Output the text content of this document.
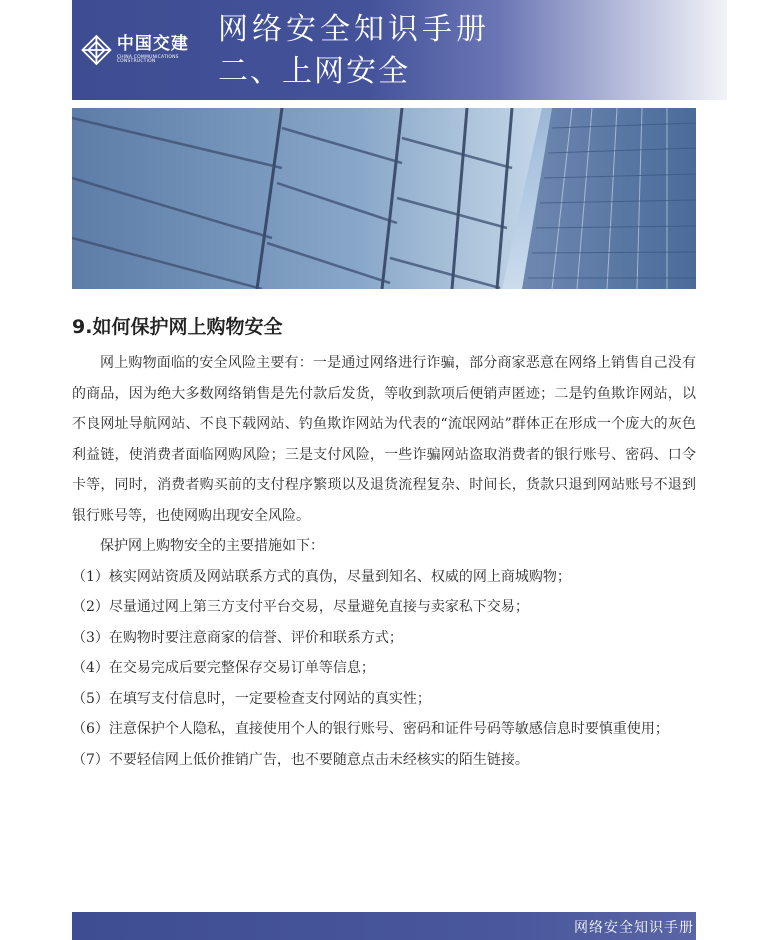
中国交建
CHINA COMMUNICATIONS CONSTRUCTION
网络安全知识手册
二、上网安全
9.如何保护网上购物安全

网上购物面临的安全风险主要有：一是通过网络进行诈骗，部分商家恶意在网络上销售自己没有的商品，因为绝大多数网络销售是先付款后发货，等收到款项后便销声匿迹；二是钓鱼欺诈网站，以不良网址导航网站、不良下载网站、钓鱼欺诈网站为代表的“流氓网站”群体正在形成一个庞大的灰色利益链，使消费者面临网购风险；三是支付风险，一些诈骗网站盗取消费者的银行账号、密码、口令卡等，同时，消费者购买前的支付程序繁琐以及退货流程复杂、时间长，货款只退到网站账号不退到银行账号等，也使网购出现安全风险。

保护网上购物安全的主要措施如下：

（1）核实网站资质及网站联系方式的真伪，尽量到知名、权威的网上商城购物；

（2）尽量通过网上第三方支付平台交易，尽量避免直接与卖家私下交易；

（3）在购物时要注意商家的信誉、评价和联系方式；

（4）在交易完成后要完整保存交易订单等信息；

（5）在填写支付信息时，一定要检查支付网站的真实性；

（6）注意保护个人隐私，直接使用个人的银行账号、密码和证件号码等敏感信息时要慎重使用；

（7）不要轻信网上低价推销广告，也不要随意点击未经核实的陌生链接。

网络安全知识手册
